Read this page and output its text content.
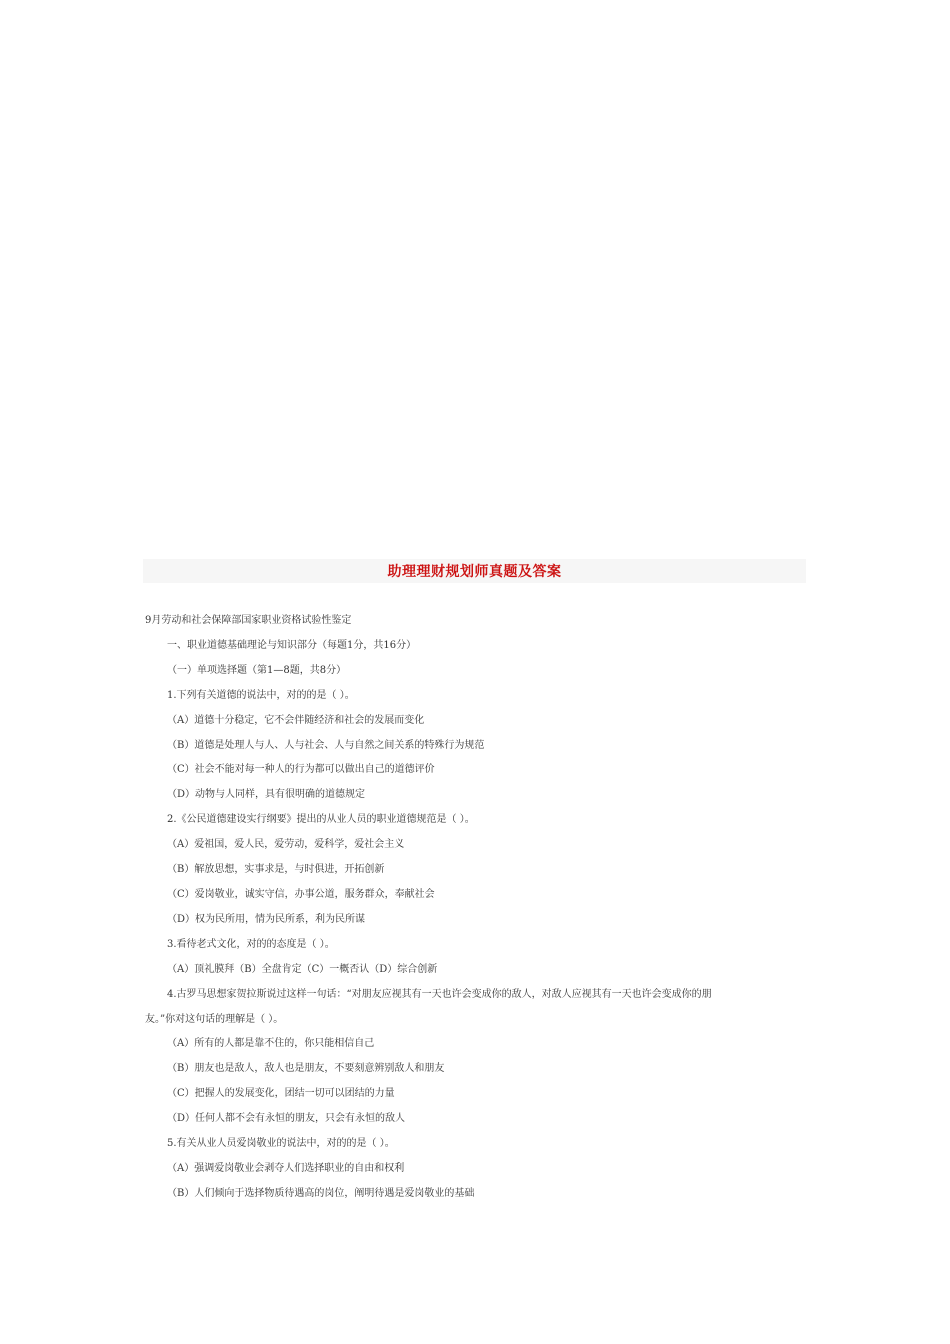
助理理财规划师真题及答案
9月劳动和社会保障部国家职业资格试验性鉴定
一、职业道德基础理论与知识部分（每题1分，共16分）
（一）单项选择题（第1—8题，共8分）
1.下列有关道德的说法中，对的的是（ ）。
（A）道德十分稳定，它不会伴随经济和社会的发展而变化
（B）道德是处理人与人、人与社会、人与自然之间关系的特殊行为规范
（C）社会不能对每一种人的行为都可以做出自己的道德评价
（D）动物与人同样，具有很明确的道德规定
2.《公民道德建设实行纲要》提出的从业人员的职业道德规范是（ ）。
（A）爱祖国，爱人民，爱劳动，爱科学，爱社会主义
（B）解放思想，实事求是，与时俱进，开拓创新
（C）爱岗敬业，诚实守信，办事公道，服务群众，奉献社会
（D）权为民所用，情为民所系，利为民所谋
3.看待老式文化，对的的态度是（ ）。
（A）顶礼膜拜（B）全盘肯定（C）一概否认（D）综合创新
4.古罗马思想家贺拉斯说过这样一句话：“对朋友应视其有一天也许会变成你的敌人，对敌人应视其有一天也许会变成你的朋
友。”你对这句话的理解是（ ）。
（A）所有的人都是靠不住的，你只能相信自己
（B）朋友也是敌人，敌人也是朋友，不要刻意辨别敌人和朋友
（C）把握人的发展变化，团结一切可以团结的力量
（D）任何人都不会有永恒的朋友，只会有永恒的敌人
5.有关从业人员爱岗敬业的说法中，对的的是（ ）。
（A）强调爱岗敬业会剥夺人们选择职业的自由和权利
（B）人们倾向于选择物质待遇高的岗位，阐明待遇是爱岗敬业的基础
